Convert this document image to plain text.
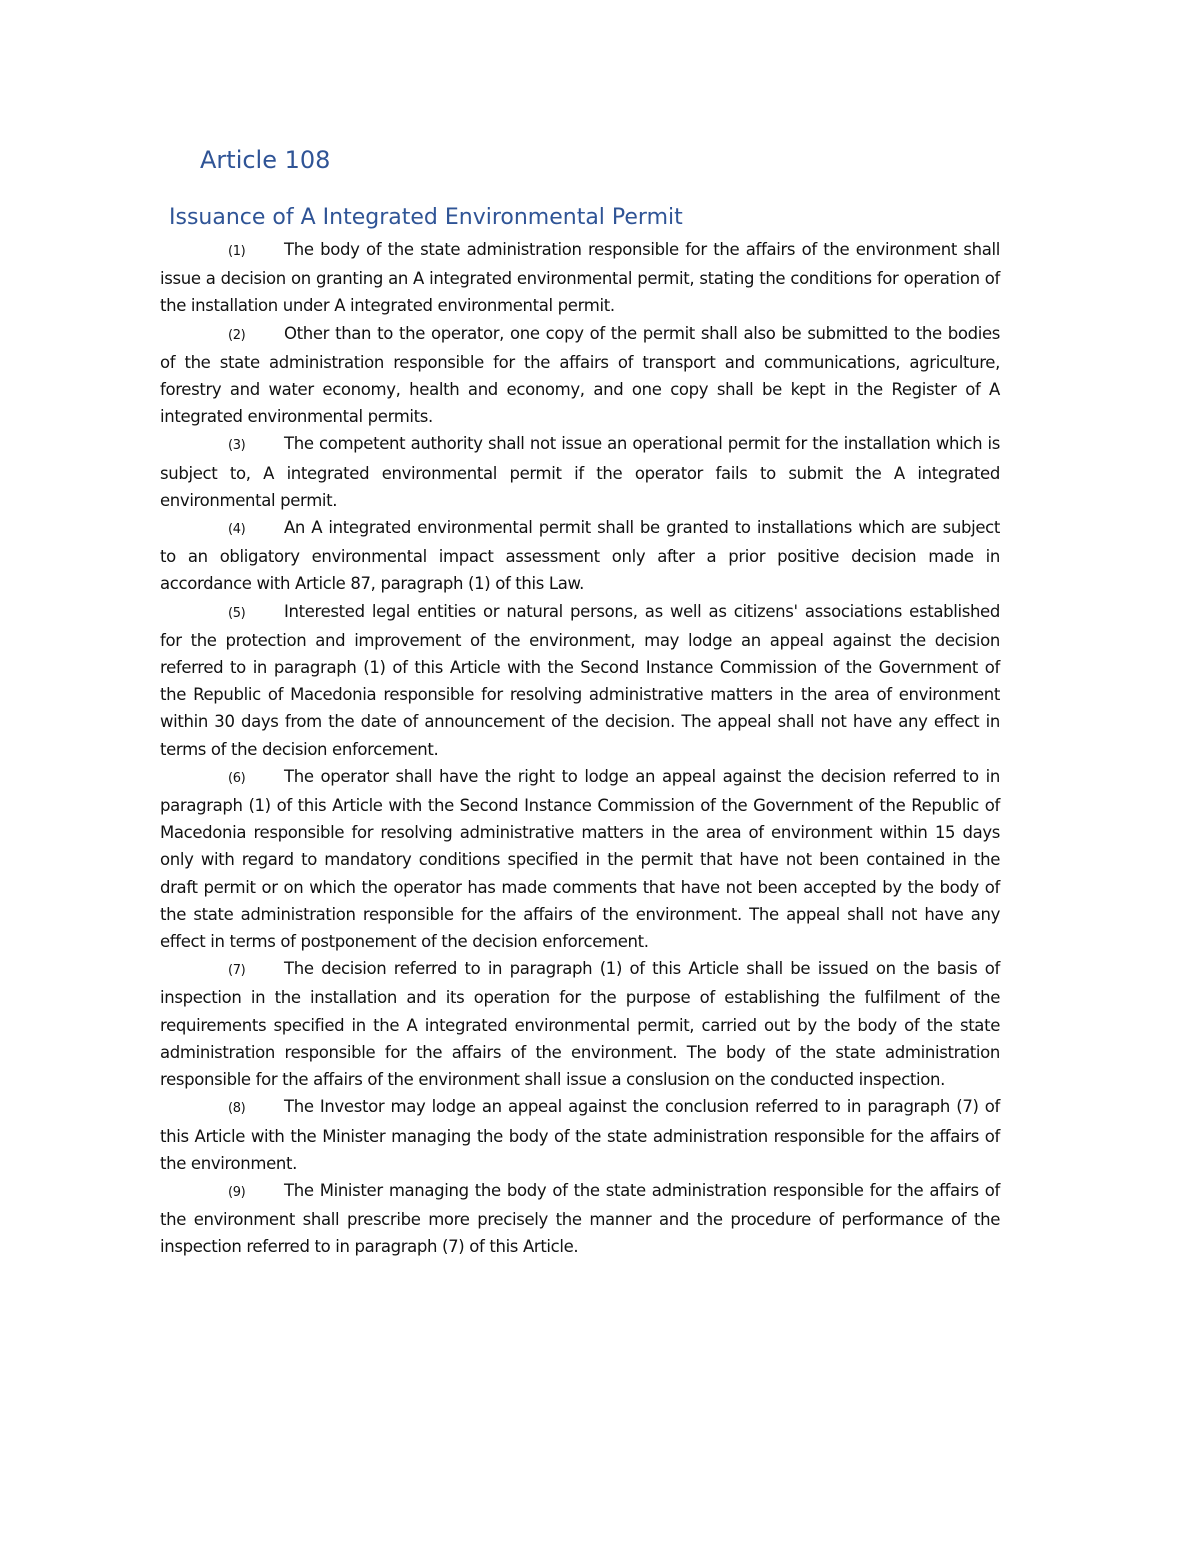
Article 108
Issuance of A Integrated Environmental Permit

(1) The body of the state administration responsible for the affairs of the environment shall issue a decision on granting an A integrated environmental permit, stating the conditions for operation of the installation under A integrated environmental permit.

(2) Other than to the operator, one copy of the permit shall also be submitted to the bodies of the state administration responsible for the affairs of transport and communications, agriculture, forestry and water economy, health and economy, and one copy shall be kept in the Register of A integrated environmental permits.

(3) The competent authority shall not issue an operational permit for the installation which is subject to, A integrated environmental permit if the operator fails to submit the A integrated environmental permit.

(4) An A integrated environmental permit shall be granted to installations which are subject to an obligatory environmental impact assessment only after a prior positive decision made in accordance with Article 87, paragraph (1) of this Law.

(5) Interested legal entities or natural persons, as well as citizens' associations established for the protection and improvement of the environment, may lodge an appeal against the decision referred to in paragraph (1) of this Article with the Second Instance Commission of the Government of the Republic of Macedonia responsible for resolving administrative matters in the area of environment within 30 days from the date of announcement of the decision. The appeal shall not have any effect in terms of the decision enforcement.

(6) The operator shall have the right to lodge an appeal against the decision referred to in paragraph (1) of this Article with the Second Instance Commission of the Government of the Republic of Macedonia responsible for resolving administrative matters in the area of environment within 15 days only with regard to mandatory conditions specified in the permit that have not been contained in the draft permit or on which the operator has made comments that have not been accepted by the body of the state administration responsible for the affairs of the environment. The appeal shall not have any effect in terms of postponement of the decision enforcement.

(7) The decision referred to in paragraph (1) of this Article shall be issued on the basis of inspection in the installation and its operation for the purpose of establishing the fulfilment of the requirements specified in the A integrated environmental permit, carried out by the body of the state administration responsible for the affairs of the environment. The body of the state administration responsible for the affairs of the environment shall issue a conslusion on the conducted inspection.

(8) The Investor may lodge an appeal against the conclusion referred to in paragraph (7) of this Article with the Minister managing the body of the state administration responsible for the affairs of the environment.

(9) The Minister managing the body of the state administration responsible for the affairs of the environment shall prescribe more precisely the manner and the procedure of performance of the inspection referred to in paragraph (7) of this Article.
